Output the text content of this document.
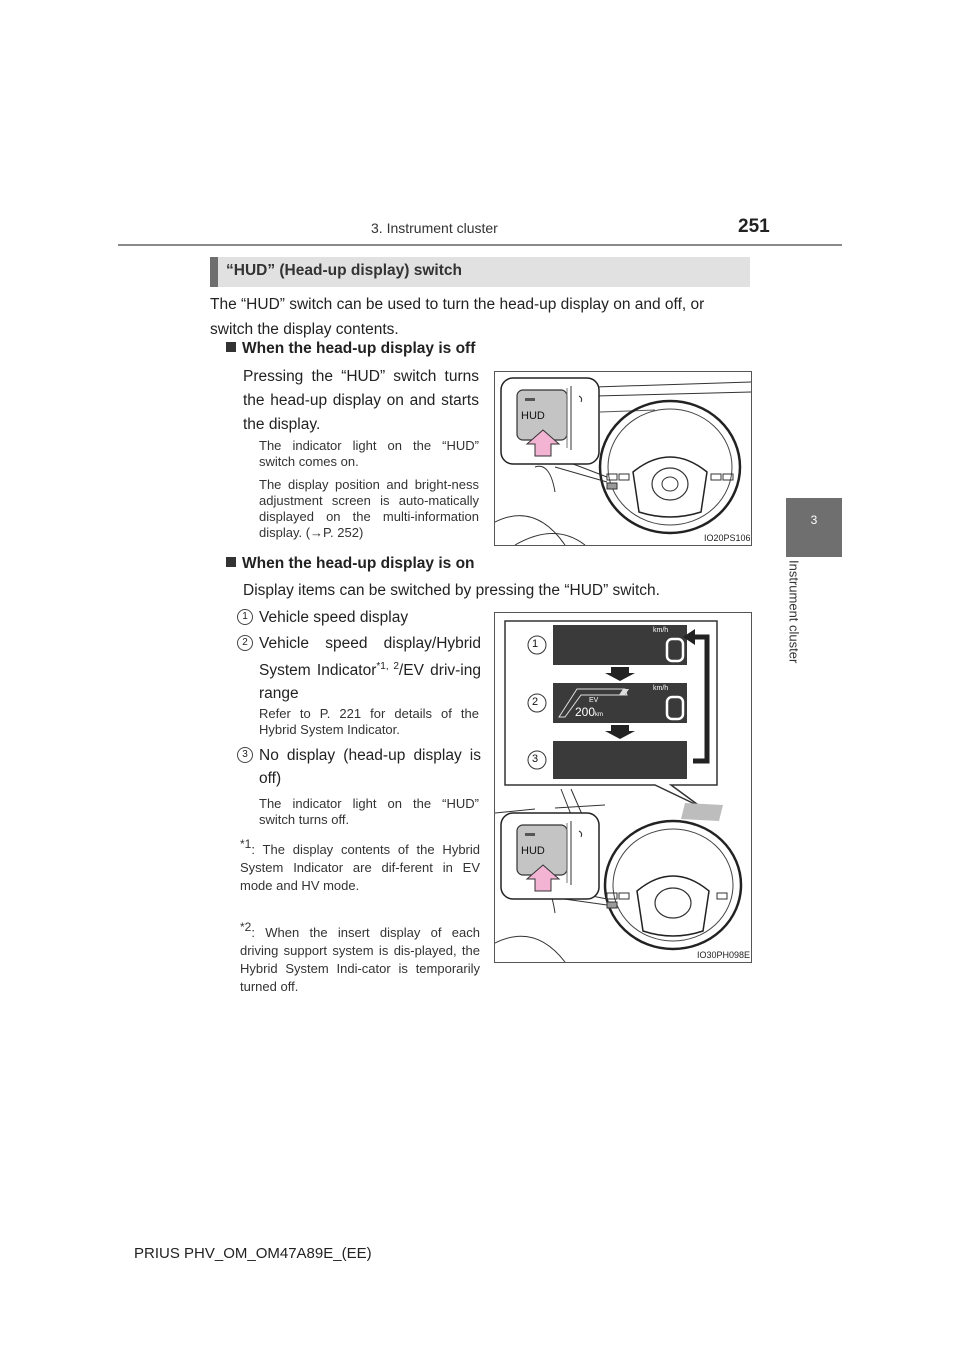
3. Instrument cluster	251
3
Instrument cluster
“HUD” (Head-up display) switch
The “HUD” switch can be used to turn the head-up display on and off, or switch the display contents.
When the head-up display is off
Pressing the “HUD” switch turns the head-up display on and starts the display.
The indicator light on the “HUD” switch comes on.
The display position and bright-ness adjustment screen is auto-matically displayed on the multi-information display. (→P. 252)
HUD
IO20PS106
When the head-up display is on
Display items can be switched by pressing the “HUD” switch.
1 Vehicle speed display
2 Vehicle speed display/Hybrid System Indicator$^{*1, 2}$/EV driv-ing range
Refer to P. 221 for details of the Hybrid System Indicator.
3 No display (head-up display is off)
The indicator light on the “HUD” switch turns off.
*1: The display contents of the Hybrid System Indicator are dif-ferent in EV mode and HV mode.
*2: When the insert display of each driving support system is dis-played, the Hybrid System Indi-cator is temporarily turned off.
1
2
3
km/h
km/h
EV
200km
HUD
IO30PH098E
PRIUS PHV_OM_OM47A89E_(EE)
